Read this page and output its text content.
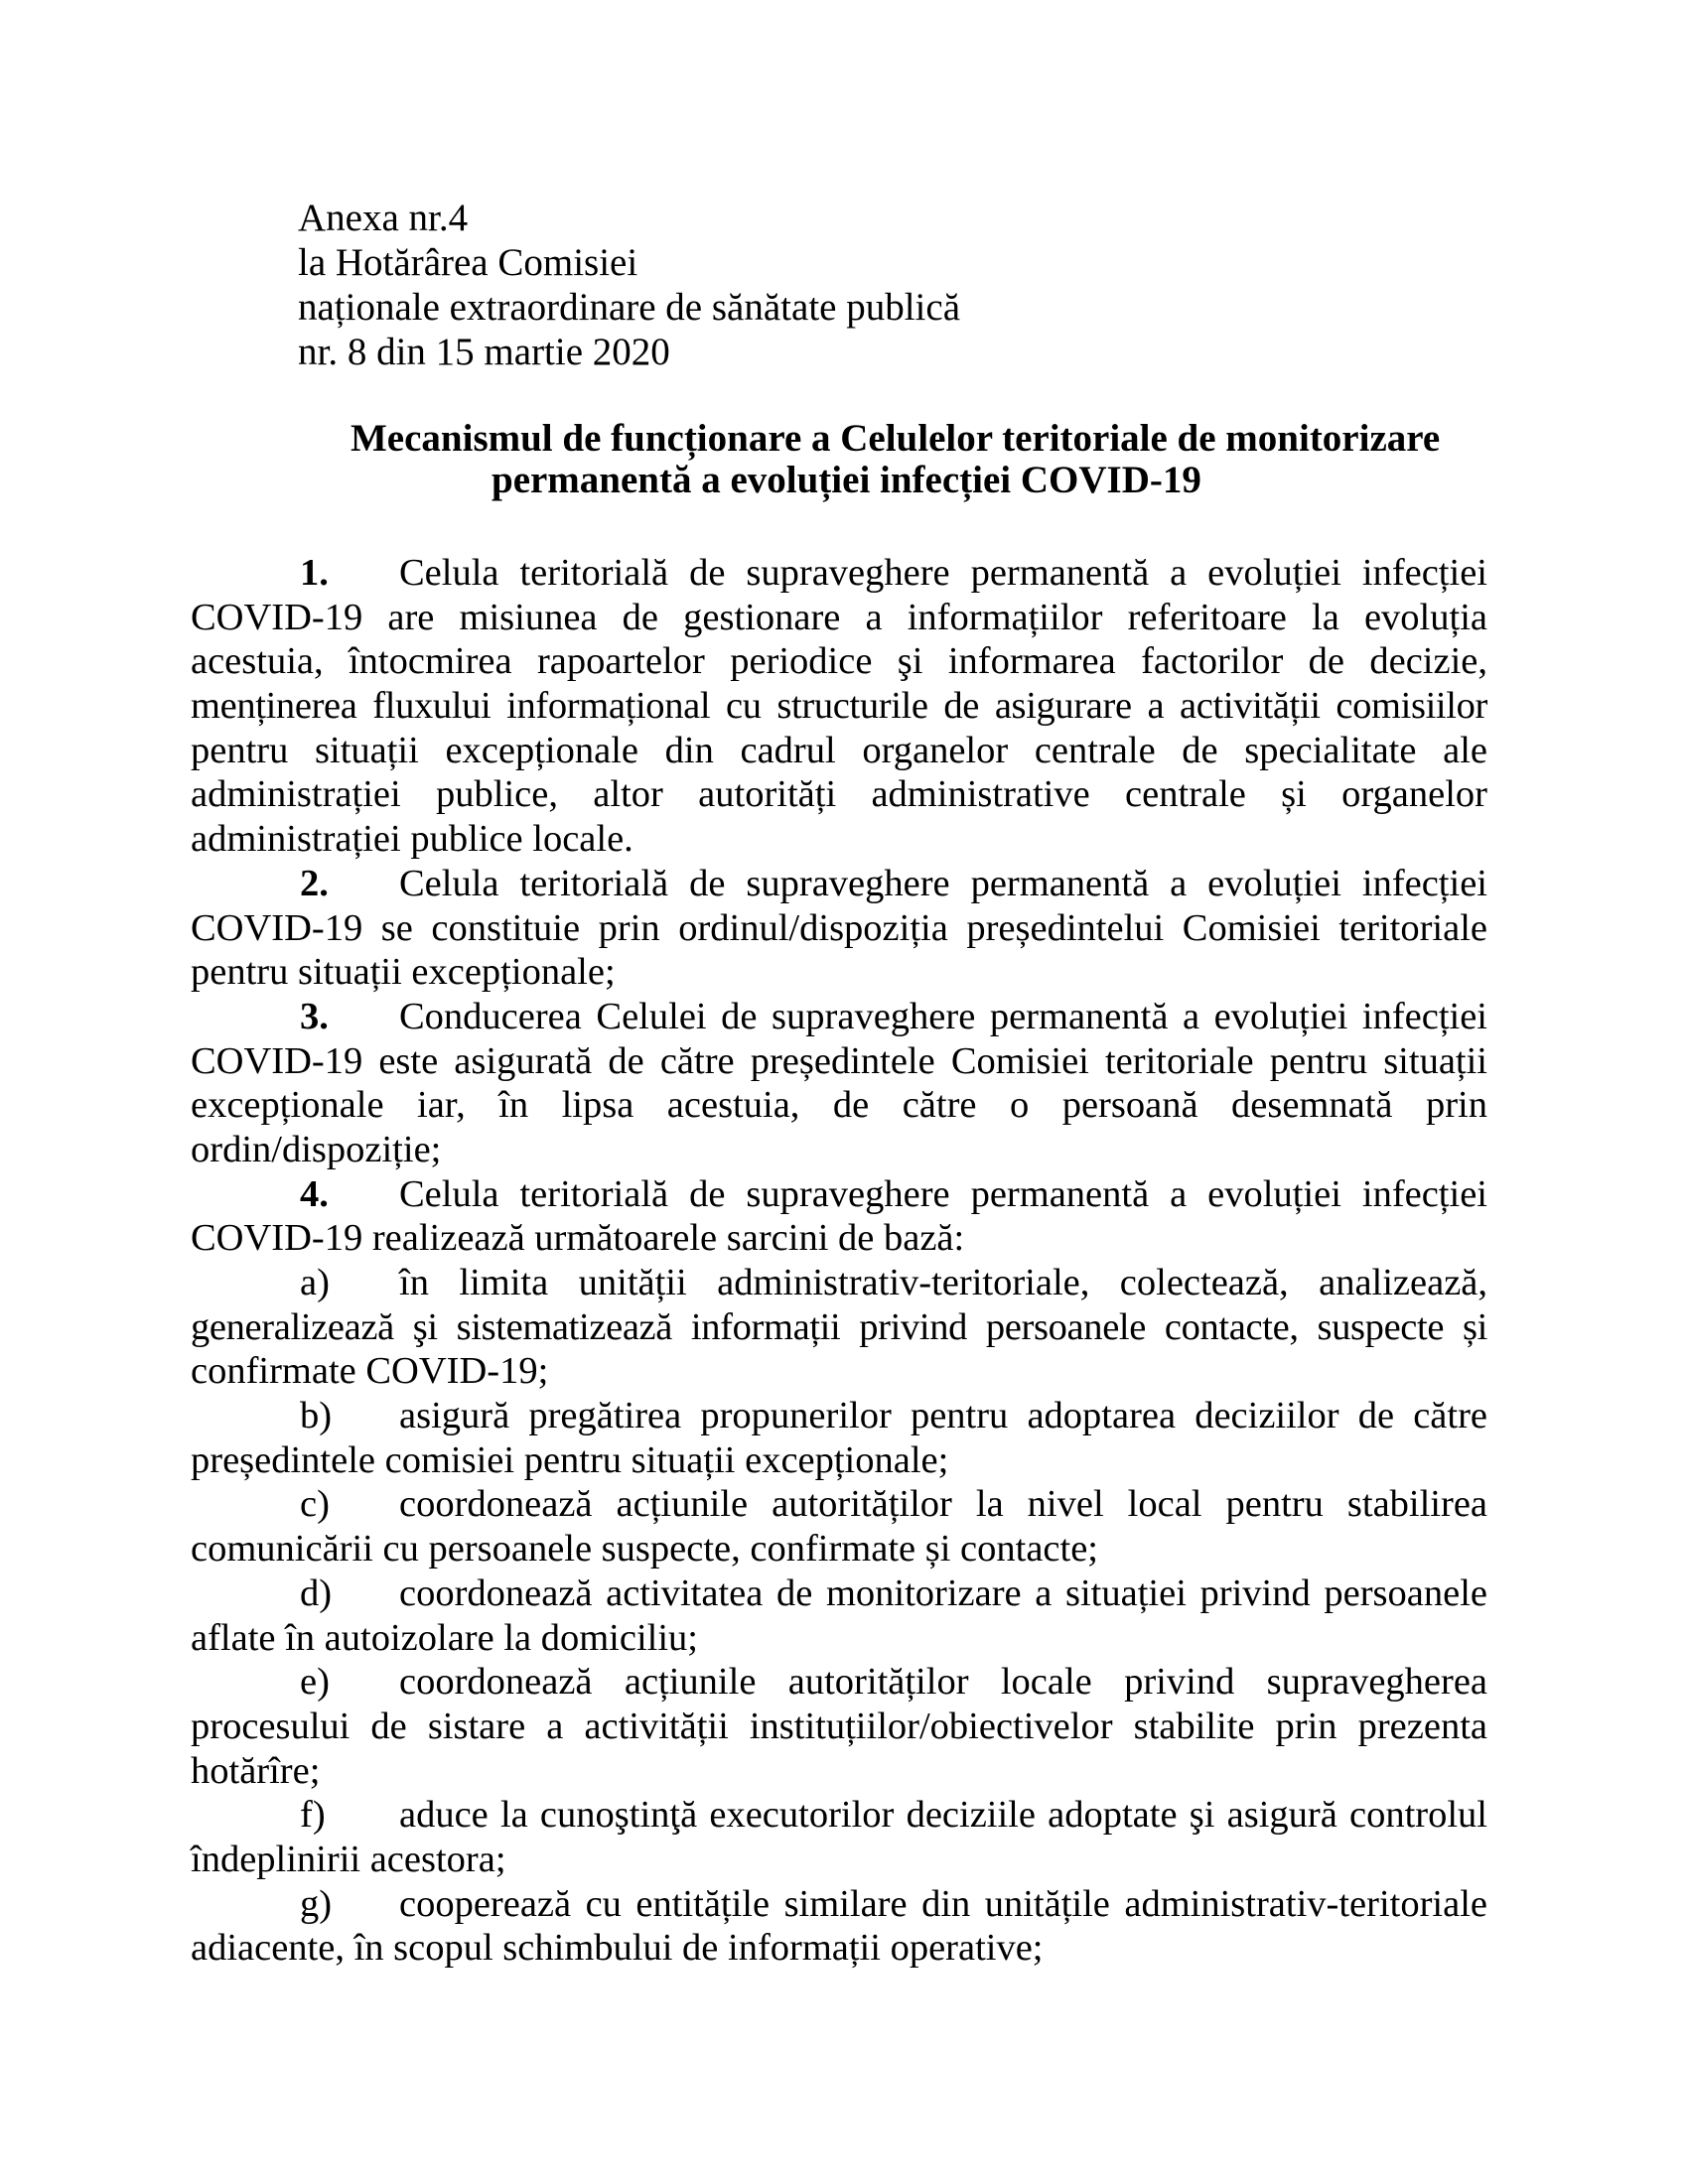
Anexa nr.4
la Hotărârea Comisiei
naționale extraordinare de sănătate publică
nr. 8 din 15 martie 2020
Mecanismul de funcționare a Celulelor teritoriale de monitorizare
permanentă a evoluției infecției COVID-19
1.	Celula teritorială de supraveghere permanentă a evoluției infecției
COVID-19 are misiunea de gestionare a informațiilor referitoare la evoluția
acestuia, întocmirea rapoartelor periodice şi informarea factorilor de decizie,
menținerea fluxului informațional cu structurile de asigurare a activității comisiilor
pentru situații excepționale din cadrul organelor centrale de specialitate ale
administrației publice, altor autorități administrative centrale și organelor
administrației publice locale.
2.	Celula teritorială de supraveghere permanentă a evoluției infecției
COVID-19 se constituie prin ordinul/dispoziția președintelui Comisiei teritoriale
pentru situații excepționale;
3.	Conducerea Celulei de supraveghere permanentă a evoluției infecției
COVID-19 este asigurată de către președintele Comisiei teritoriale pentru situații
excepționale iar, în lipsa acestuia, de către o persoană desemnată prin
ordin/dispoziție;
4.	Celula teritorială de supraveghere permanentă a evoluției infecției
COVID-19 realizează următoarele sarcini de bază:
a)	în limita unității administrativ-teritoriale, colectează, analizează,
generalizează şi sistematizează informații privind persoanele contacte, suspecte și
confirmate COVID-19;
b)	asigură pregătirea propunerilor pentru adoptarea deciziilor de către
președintele comisiei pentru situații excepționale;
c)	coordonează acțiunile autorităților la nivel local pentru stabilirea
comunicării cu persoanele suspecte, confirmate și contacte;
d)	coordonează activitatea de monitorizare a situației privind persoanele
aflate în autoizolare la domiciliu;
e)	coordonează acțiunile autorităților locale privind supravegherea
procesului de sistare a activității instituțiilor/obiectivelor stabilite prin prezenta
hotărîre;
f)	aduce la cunoştinţă executorilor deciziile adoptate şi asigură controlul
îndeplinirii acestora;
g)	cooperează cu entitățile similare din unitățile administrativ-teritoriale
adiacente, în scopul schimbului de informații operative;
